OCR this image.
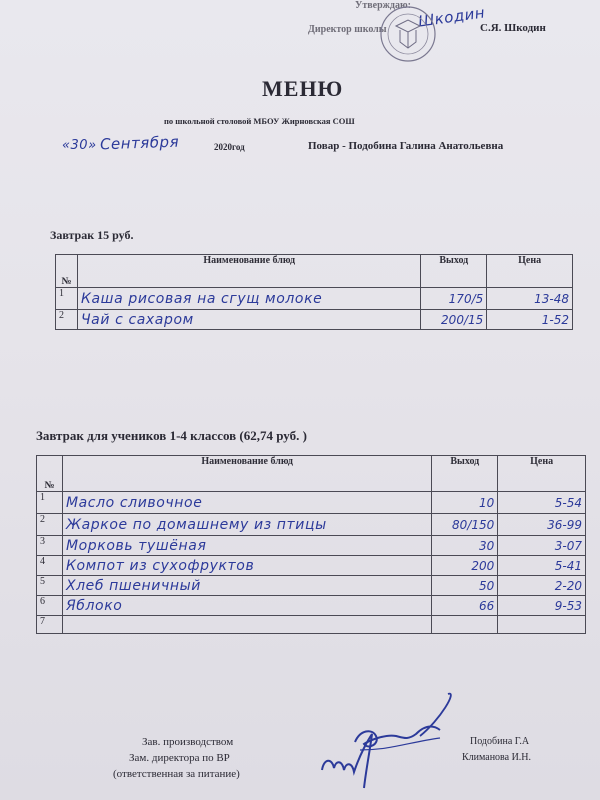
Утверждаю:
Директор школы	С.Я. Шкодин
Шкодин
МЕНЮ
по школьной столовой МБОУ Жирновская СОШ
«30» Сентября	2020год	Повар - Подобина Галина Анатольевна
Завтрак 15 руб.
№	Наименование блюд	Выход	Цена
1	Каша рисовая на сгущ молоке	170/5	13-48
2	Чай с сахаром	200/15	1-52
Завтрак для учеников 1-4 классов (62,74 руб. )
№	Наименование блюд	Выход	Цена
1	Масло сливочное	10	5-54
2	Жаркое по домашнему из птицы	80/150	36-99
3	Морковь тушёная	30	3-07
4	Компот из сухофруктов	200	5-41
5	Хлеб пшеничный	50	2-20
6	Яблоко	66	9-53
7			
Зав. производством
Зам. директора по ВР
(ответственная за питание)
Подобина Г.А
Климанова И.Н.
